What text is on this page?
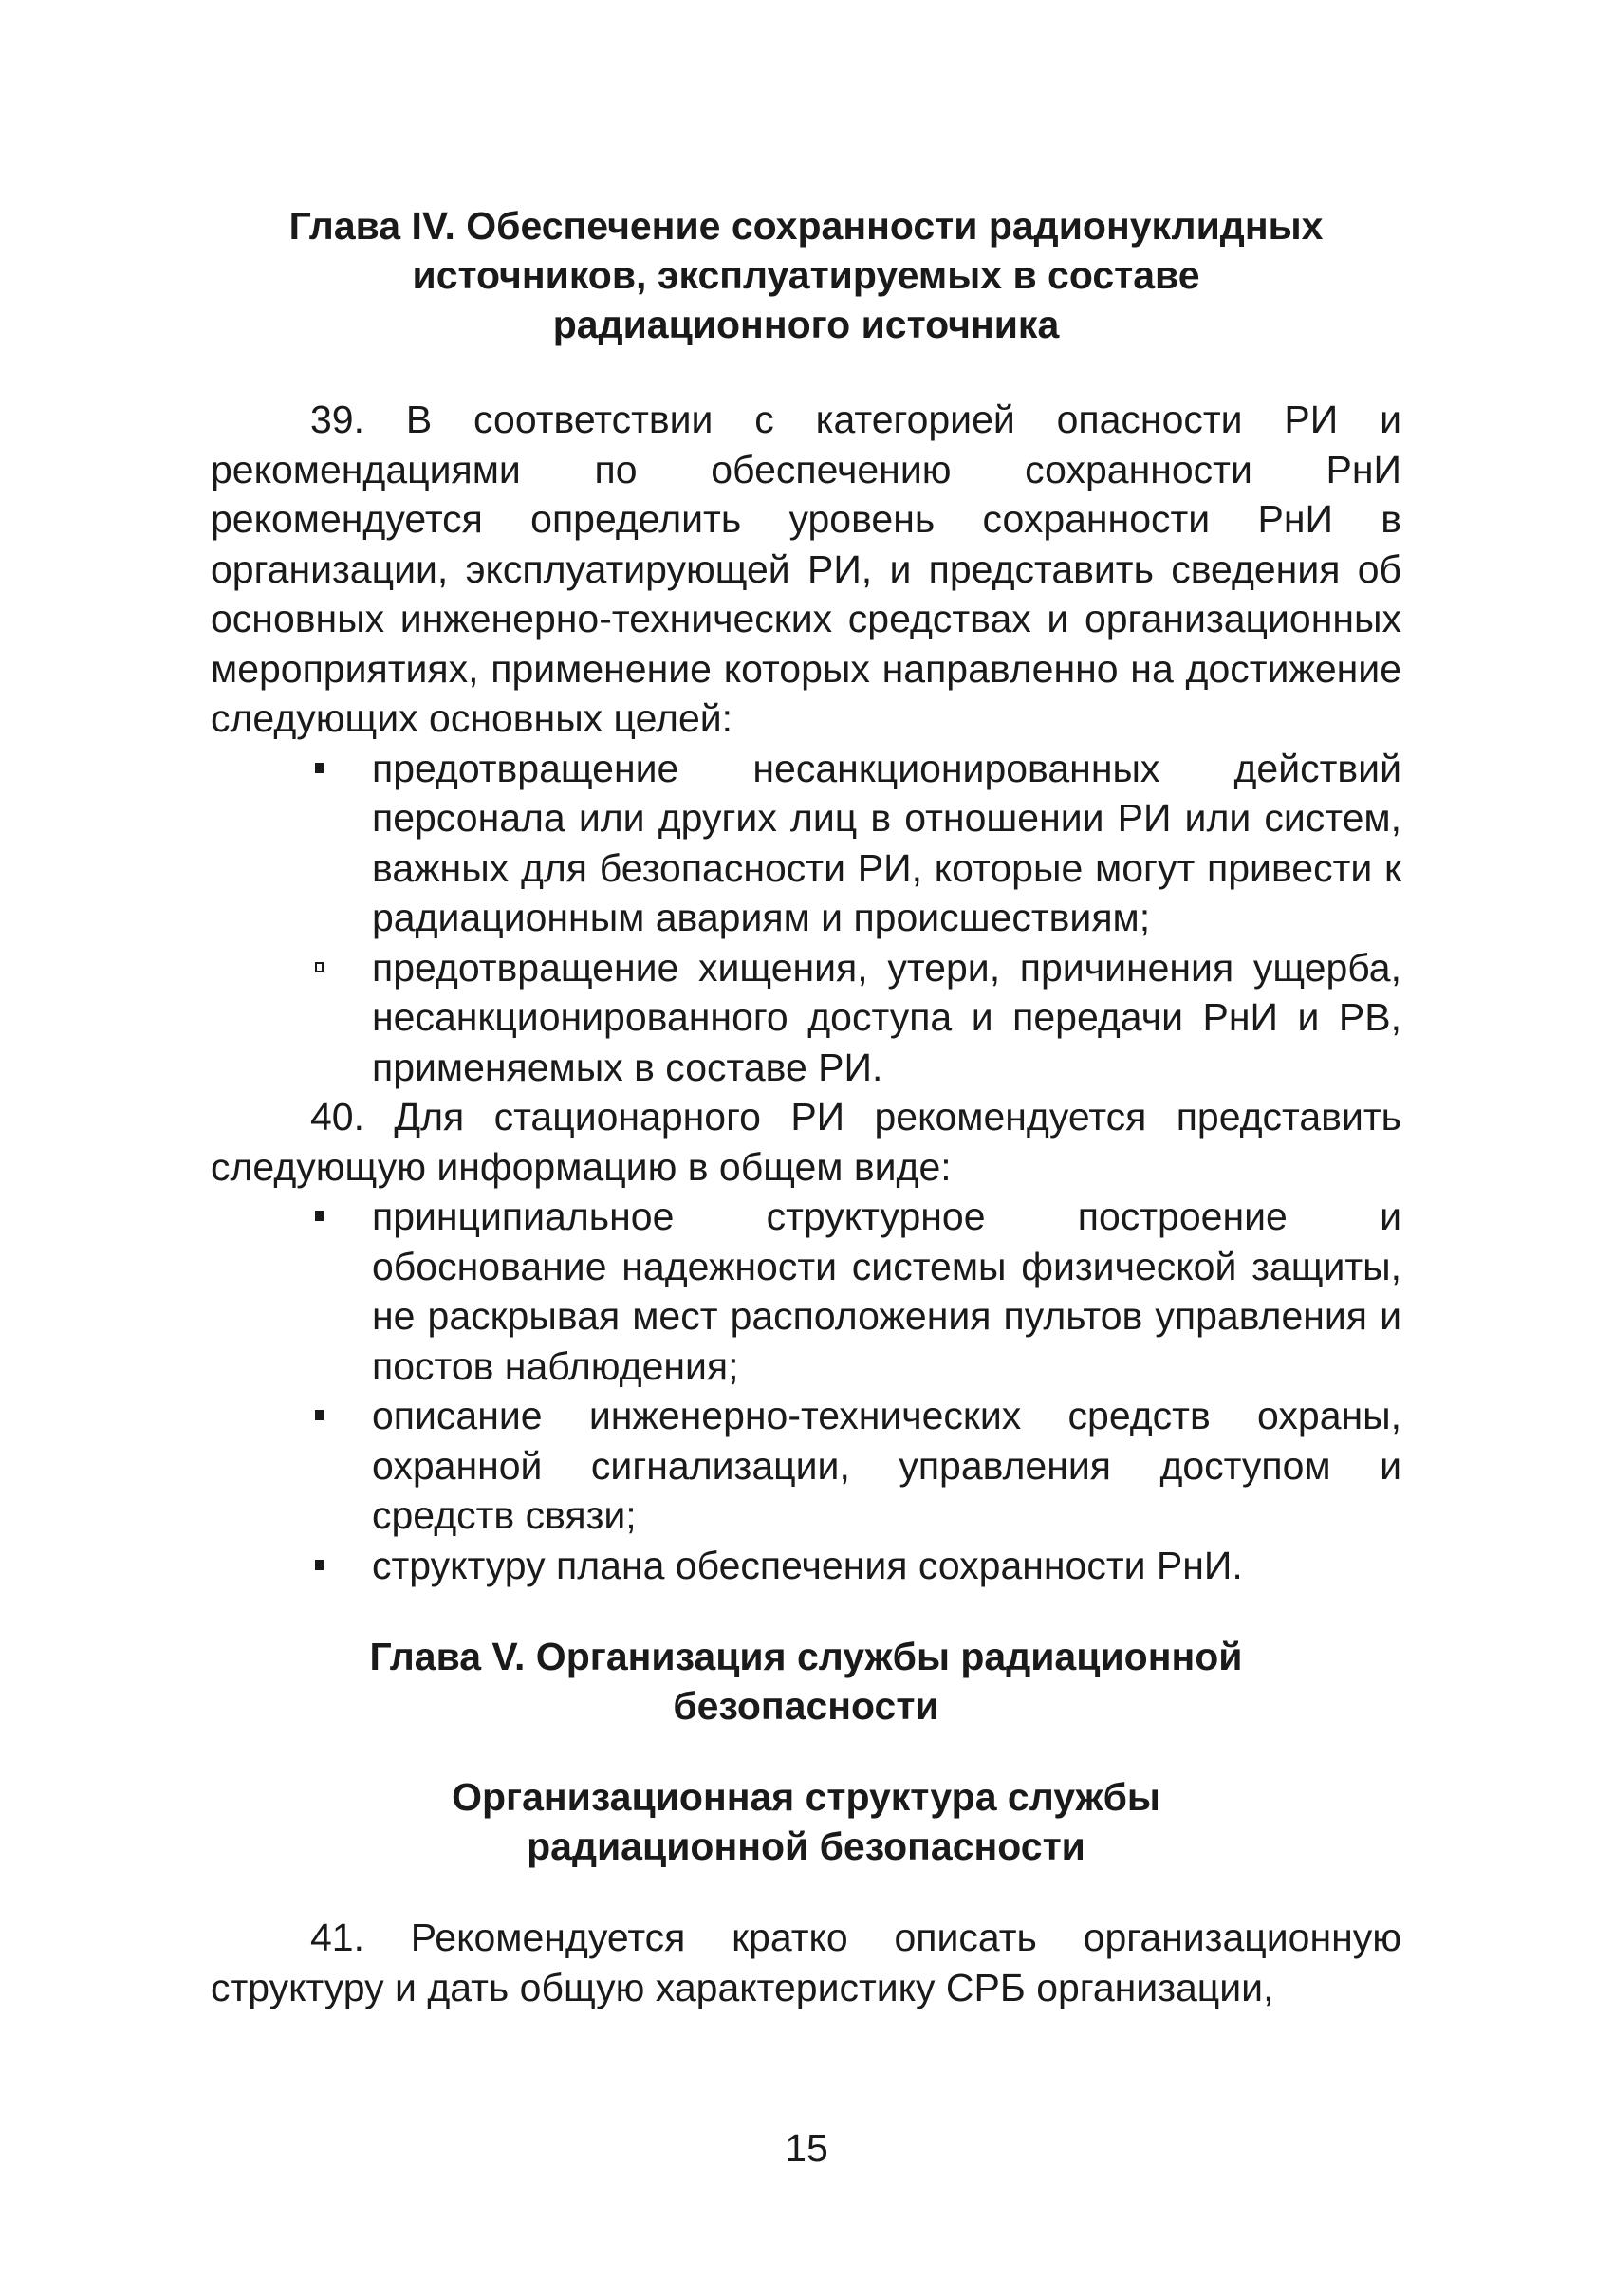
Глава IV. Обеспечение сохранности радионуклидных
источников, эксплуатируемых в составе
радиационного источника

39. В соответствии с категорией опасности РИ и рекомендациями по обеспечению сохранности РнИ рекомендуется определить уровень сохранности РнИ в организации, эксплуатирующей РИ, и представить сведения об основных инженерно-технических средствах и организационных мероприятиях, применение которых направленно на достижение следующих основных целей:

предотвращение несанкционированных действий персонала или других лиц в отношении РИ или систем, важных для безопасности РИ, которые могут привести к радиационным авариям и происшествиям;
предотвращение хищения, утери, причинения ущерба, несанкционированного доступа и передачи РнИ и РВ, применяемых в составе РИ.

40. Для стационарного РИ рекомендуется представить следующую информацию в общем виде:

принципиальное структурное построение и обоснование надежности системы физической защиты, не раскрывая мест расположения пультов управления и постов наблюдения;
описание инженерно-технических средств охраны, охранной сигнализации, управления доступом и средств связи;
структуру плана обеспечения сохранности РнИ.
Глава V. Организация службы радиационной
безопасности
Организационная структура службы
радиационной безопасности

41. Рекомендуется кратко описать организационную структуру и дать общую характеристику СРБ организации,

15
